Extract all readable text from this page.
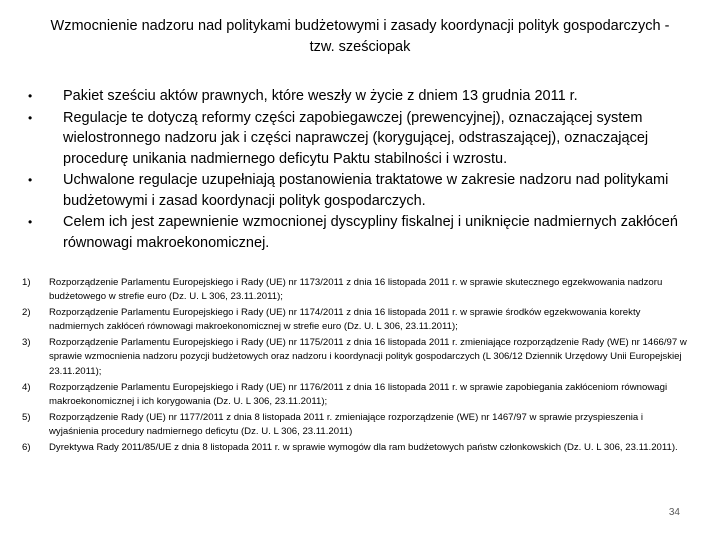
Wzmocnienie nadzoru nad politykami budżetowymi i zasady koordynacji polityk gospodarczych - tzw. sześciopak
• Pakiet sześciu aktów prawnych, które weszły w życie z dniem 13 grudnia 2011 r.
• Regulacje te dotyczą reformy części zapobiegawczej (prewencyjnej), oznaczającej system wielostronnego nadzoru jak i części naprawczej (korygującej, odstraszającej), oznaczającej procedurę unikania nadmiernego deficytu Paktu stabilności i wzrostu.
• Uchwalone regulacje uzupełniają postanowienia traktatowe w zakresie nadzoru nad politykami budżetowymi i zasad koordynacji polityk gospodarczych.
• Celem ich jest zapewnienie wzmocnionej dyscypliny fiskalnej i uniknięcie nadmiernych zakłóceń równowagi makroekonomicznej.
1) Rozporządzenie Parlamentu Europejskiego i Rady (UE) nr 1173/2011 z dnia 16 listopada 2011 r. w sprawie skutecznego egzekwowania nadzoru budżetowego w strefie euro (Dz. U. L 306, 23.11.2011);
2) Rozporządzenie Parlamentu Europejskiego i Rady (UE) nr 1174/2011 z dnia 16 listopada 2011 r. w sprawie środków egzekwowania korekty nadmiernych zakłóceń równowagi makroekonomicznej w strefie euro (Dz. U. L 306, 23.11.2011);
3) Rozporządzenie Parlamentu Europejskiego i Rady (UE) nr 1175/2011 z dnia 16 listopada 2011 r. zmieniające rozporządzenie Rady (WE) nr 1466/97 w sprawie wzmocnienia nadzoru pozycji budżetowych oraz nadzoru i koordynacji polityk gospodarczych (L 306/12 Dziennik Urzędowy Unii Europejskiej 23.11.2011);
4) Rozporządzenie Parlamentu Europejskiego i Rady (UE) nr 1176/2011 z dnia 16 listopada 2011 r. w sprawie zapobiegania zakłóceniom równowagi makroekonomicznej i ich korygowania (Dz. U. L 306, 23.11.2011);
5) Rozporządzenie Rady (UE) nr 1177/2011 z dnia 8 listopada 2011 r. zmieniające rozporządzenie (WE) nr 1467/97 w sprawie przyspieszenia i wyjaśnienia procedury nadmiernego deficytu (Dz. U. L 306, 23.11.2011)
6) Dyrektywa Rady 2011/85/UE z dnia 8 listopada 2011 r. w sprawie wymogów dla ram budżetowych państw członkowskich (Dz. U. L 306, 23.11.2011).
34
